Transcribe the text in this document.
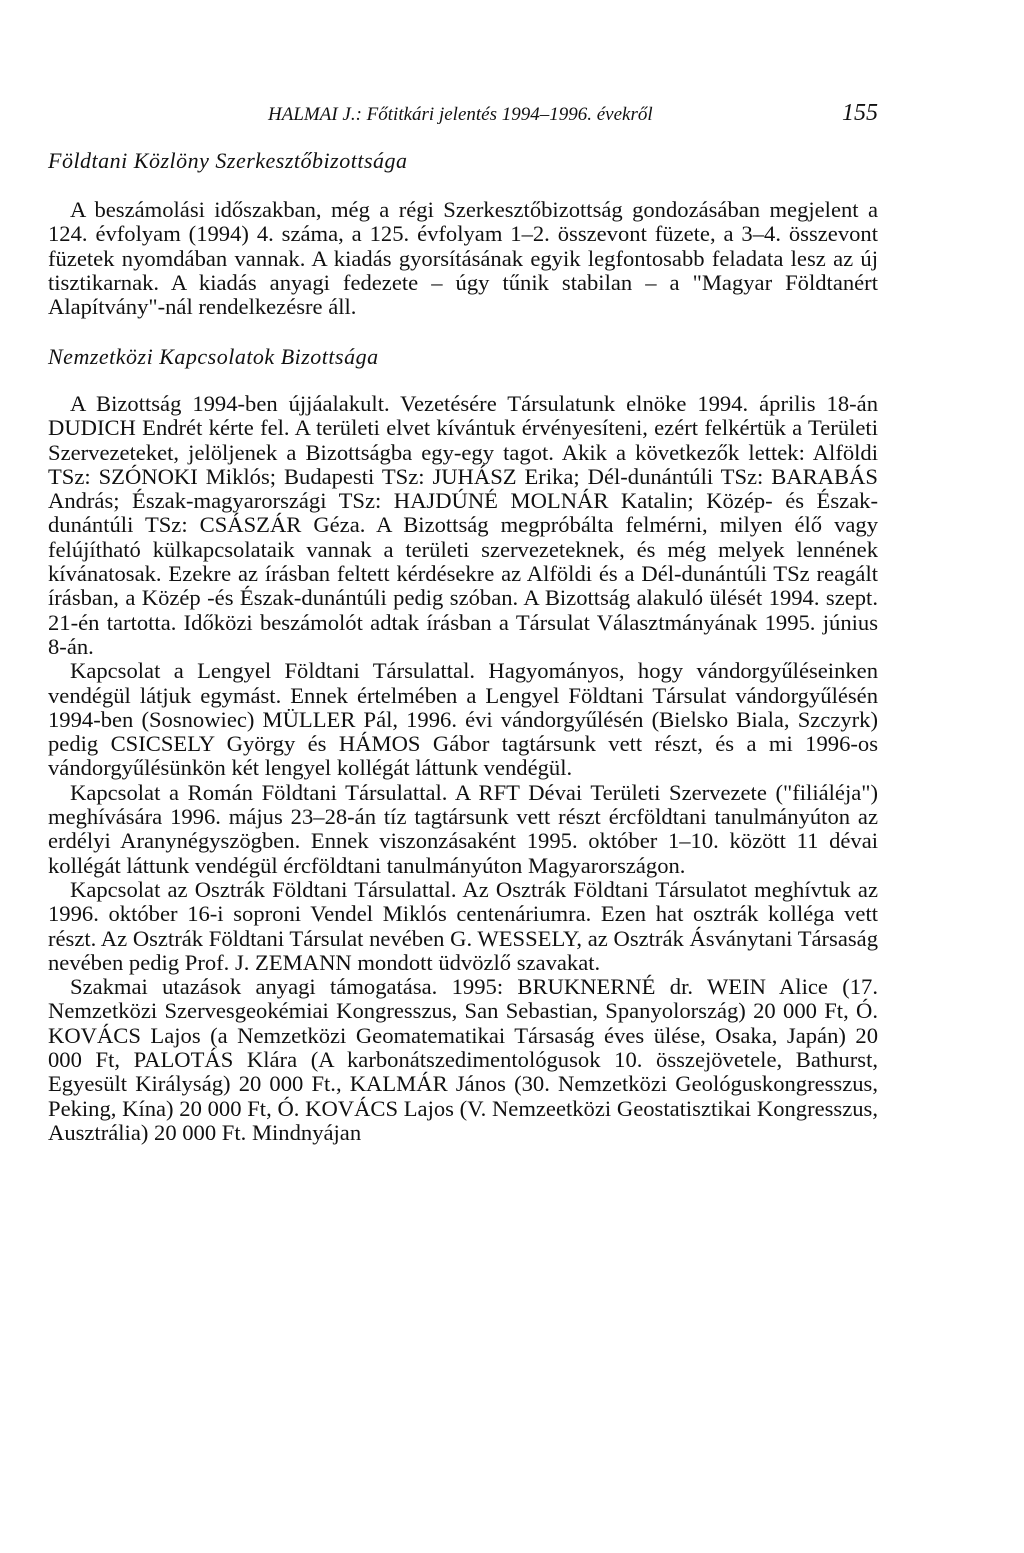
HALMAI J.: Főtitkári jelentés 1994–1996. évekről	155
Földtani Közlöny Szerkesztőbizottsága

A beszámolási időszakban, még a régi Szerkesztőbizottság gondozásában megjelent a 124. évfolyam (1994) 4. száma, a 125. évfolyam 1–2. összevont füzete, a 3–4. összevont füzetek nyomdában vannak. A kiadás gyorsításának egyik legfontosabb feladata lesz az új tisztikarnak. A kiadás anyagi fedezete – úgy tűnik stabilan – a "Magyar Földtanért Alapítvány"-nál rendelkezésre áll.

Nemzetközi Kapcsolatok Bizottsága

A Bizottság 1994-ben újjáalakult. Vezetésére Társulatunk elnöke 1994. április 18-án DUDICH Endrét kérte fel. A területi elvet kívántuk érvényesíteni, ezért felkértük a Területi Szervezeteket, jelöljenek a Bizottságba egy-egy tagot. Akik a következők lettek: Alföldi TSz: SZÓNOKI Miklós; Budapesti TSz: JUHÁSZ Erika; Dél-dunántúli TSz: BARABÁS András; Észak-magyarországi TSz: HAJDÚNÉ MOLNÁR Katalin; Közép- és Észak-dunántúli TSz: CSÁSZÁR Géza. A Bizottság megpróbálta felmérni, milyen élő vagy felújítható külkapcsolataik vannak a területi szervezeteknek, és még melyek lennének kívánatosak. Ezekre az írásban feltett kérdésekre az Alföldi és a Dél-dunántúli TSz reagált írásban, a Közép -és Észak-dunántúli pedig szóban. A Bizottság alakuló ülését 1994. szept. 21-én tartotta. Időközi beszámolót adtak írásban a Társulat Választmányának 1995. június 8-án.

Kapcsolat a Lengyel Földtani Társulattal. Hagyományos, hogy vándorgyűléseinken vendégül látjuk egymást. Ennek értelmében a Lengyel Földtani Társulat vándorgyűlésén 1994-ben (Sosnowiec) MÜLLER Pál, 1996. évi vándorgyűlésén (Bielsko Biala, Szczyrk) pedig CSICSELY György és HÁMOS Gábor tagtársunk vett részt, és a mi 1996-os vándorgyűlésünkön két lengyel kollégát láttunk vendégül.

Kapcsolat a Román Földtani Társulattal. A RFT Dévai Területi Szervezete ("filiáléja") meghívására 1996. május 23–28-án tíz tagtársunk vett részt ércföldtani tanulmányúton az erdélyi Aranynégyszögben. Ennek viszonzásaként 1995. október 1–10. között 11 dévai kollégát láttunk vendégül ércföldtani tanulmányúton Magyarországon.

Kapcsolat az Osztrák Földtani Társulattal. Az Osztrák Földtani Társulatot meghívtuk az 1996. október 16-i soproni Vendel Miklós centenáriumra. Ezen hat osztrák kollégа vett részt. Az Osztrák Földtani Társulat nevében G. WESSELY, az Osztrák Ásványtani Társaság nevében pedig Prof. J. ZEMANN mondott üdvözlő szavakat.

Szakmai utazások anyagi támogatása. 1995: BRUKNERNÉ dr. WEIN Alice (17. Nemzetközi Szervesgeokémiai Kongresszus, San Sebastian, Spanyolország) 20 000 Ft, Ó. KOVÁCS Lajos (a Nemzetközi Geomatematikai Társaság éves ülése, Osaka, Japán) 20 000 Ft, PALOTÁS Klára (A karbonátszedimentológusok 10. összejövetele, Bathurst, Egyesült Királyság) 20 000 Ft., KALMÁR János (30. Nemzetközi Geológuskongresszus, Peking, Kína) 20 000 Ft, Ó. KOVÁCS Lajos (V. Nemzeetközi Geostatisztikai Kongresszus, Ausztrália) 20 000 Ft. Mindnyájan
